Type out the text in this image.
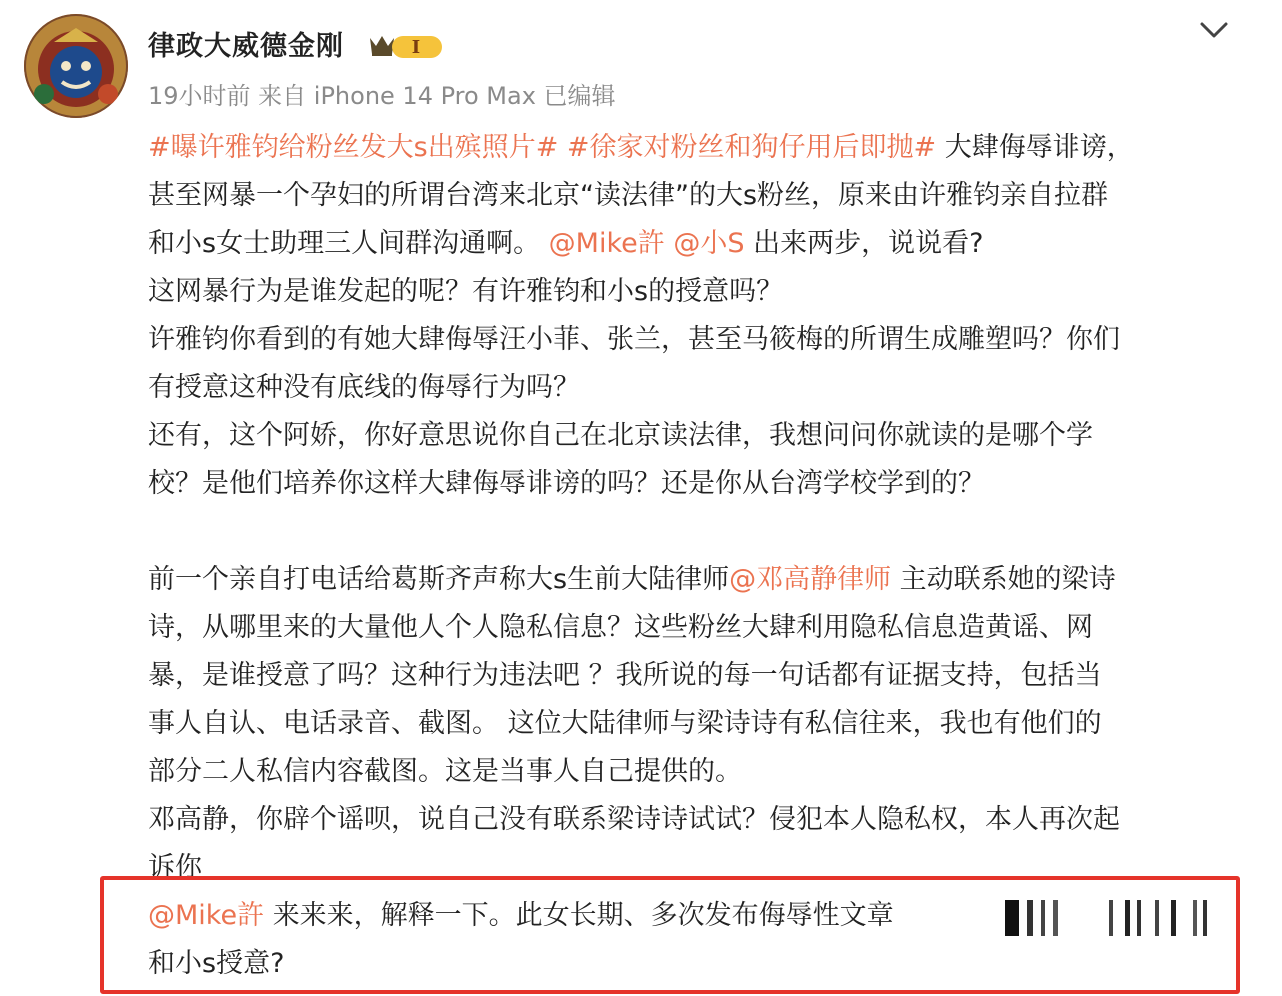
律政大威德金刚	I
19小时前 来自 iPhone 14 Pro Max 已编辑
#曝许雅钧给粉丝发大s出殡照片# #徐家对粉丝和狗仔用后即抛# 大肆侮辱诽谤，
甚至网暴一个孕妇的所谓台湾来北京“读法律”的大s粉丝，原来由许雅钧亲自拉群
和小s女士助理三人间群沟通啊。 @Mike許 @小S 出来两步，说说看?
这网暴行为是谁发起的呢？有许雅钧和小s的授意吗？
许雅钧你看到的有她大肆侮辱汪小菲、张兰，甚至马筱梅的所谓生成雕塑吗？你们
有授意这种没有底线的侮辱行为吗？
还有，这个阿娇，你好意思说你自己在北京读法律，我想问问你就读的是哪个学
校？是他们培养你这样大肆侮辱诽谤的吗？还是你从台湾学校学到的？
前一个亲自打电话给葛斯齐声称大s生前大陆律师@邓高静律师 主动联系她的梁诗
诗，从哪里来的大量他人个人隐私信息？这些粉丝大肆利用隐私信息造黄谣、网
暴，是谁授意了吗？这种行为违法吧 ？我所说的每一句话都有证据支持，包括当
事人自认、电话录音、截图。 这位大陆律师与梁诗诗有私信往来，我也有他们的
部分二人私信内容截图。这是当事人自己提供的。
邓高静，你辟个谣呗，说自己没有联系梁诗诗试试？侵犯本人隐私权，本人再次起
诉你
@Mike許 来来来，解释一下。此女长期、多次发布侮辱性文章
和小s授意?
